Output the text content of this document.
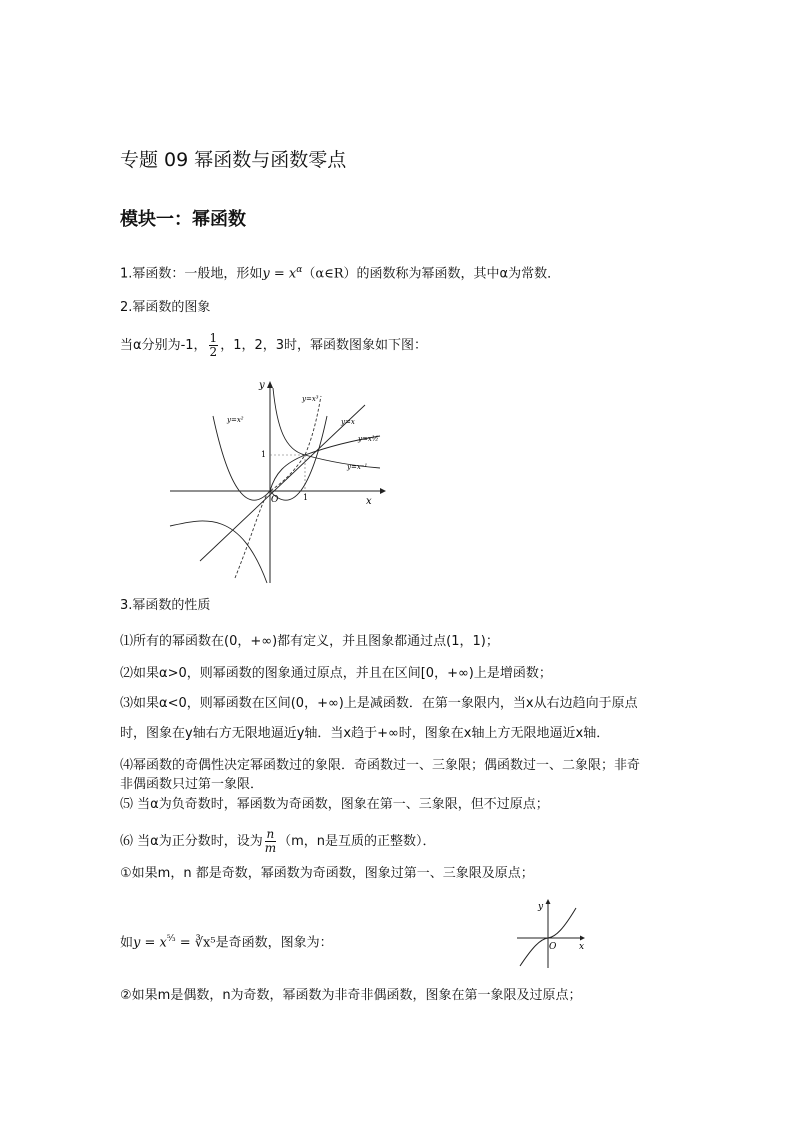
专题 09 幂函数与函数零点
模块一：幂函数
1.幂函数：一般地，形如$y = x^\alpha(\alpha\in R)$的函数称为幂函数，其中α为常数．
2.幂函数的图象
当α分别为-1， $\frac{1}{2}$ ，1，2，3时，幂函数图象如下图：
x
y
O	1
1
y=x³
y=x²	y=x
y=x½
y=x⁻¹
3.幂函数的性质
⑴所有的幂函数在(0，+∞)都有定义，并且图象都通过点(1，1)；
⑵如果α>0，则幂函数的图象通过原点，并且在区间[0，+∞)上是增函数；
⑶如果α<0，则幂函数在区间(0，+∞)上是减函数．在第一象限内，当x从右边趋向于原点
时，图象在y轴右方无限地逼近y轴．当x趋于+∞时，图象在x轴上方无限地逼近x轴．
⑷幂函数的奇偶性决定幂函数过的象限．奇函数过一、三象限；偶函数过一、二象限；非奇
非偶函数只过第一象限．
⑸ 当α为负奇数时，幂函数为奇函数，图象在第一、三象限，但不过原点；
⑹ 当α为正分数时，设为 $\frac{n}{m} (m$，n是互质的正整数）．
①如果m，n 都是奇数，幂函数为奇函数，图象过第一、三象限及原点；
如$y = x^{^5⁄_3}$ = ∛x⁵是奇函数，图象为：	x
y
O
②如果m是偶数，n为奇数，幂函数为非奇非偶函数，图象在第一象限及过原点；
